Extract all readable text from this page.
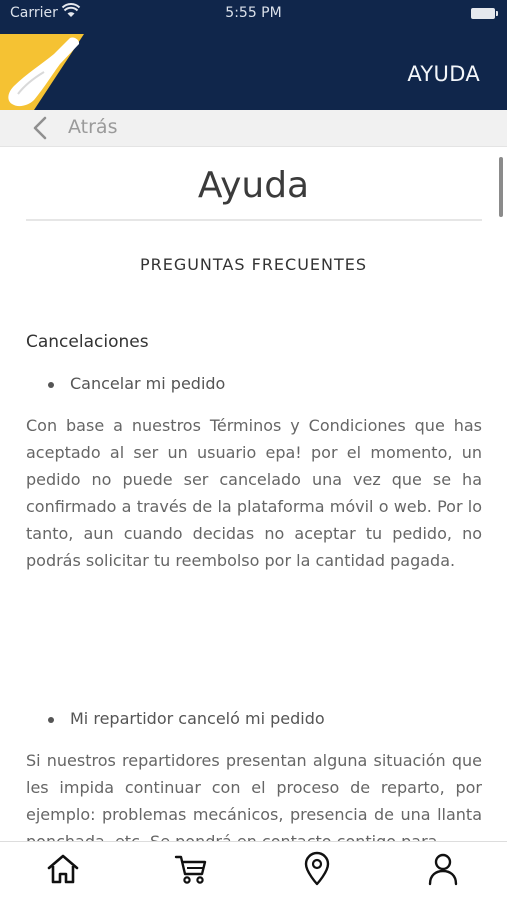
Carrier	5:55 PM
AYUDA
Atrás
Ayuda
PREGUNTAS FRECUENTES
Cancelaciones
Cancelar mi pedido
Con base a nuestros Términos y Condiciones que has aceptado al ser un usuario epa! por el momento, un pedido no puede ser cancelado una vez que se ha confirmado a través de la plataforma móvil o web. Por lo tanto, aun cuando decidas no aceptar tu pedido, no podrás solicitar tu reembolso por la cantidad pagada.
Mi repartidor canceló mi pedido
Si nuestros repartidores presentan alguna situación que les impida continuar con el proceso de reparto, por ejemplo: problemas mecánicos, presencia de una llanta
